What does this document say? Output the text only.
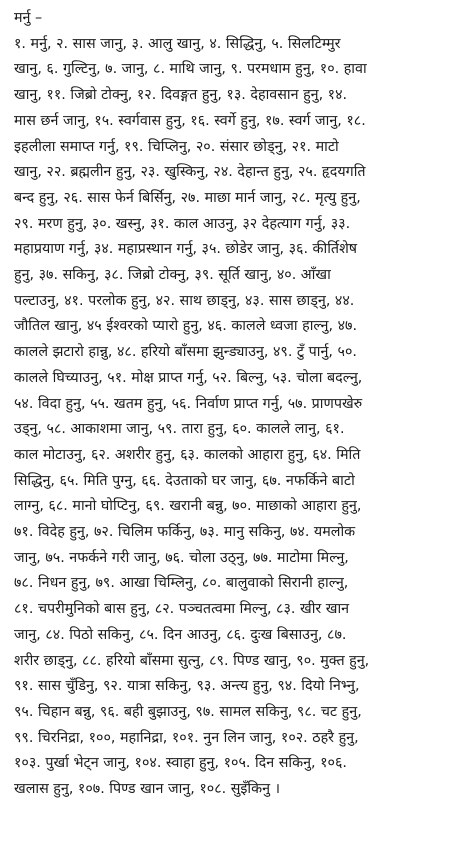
मर्नु –
१. मर्नु, २. सास जानु, ३. आलु खानु, ४. सिद्धिनु, ५. सिलटिम्मुर
खानु, ६. गुल्टिनु, ७. जानु, ८. माथि जानु, ९. परमधाम हुनु, १०. हावा
खानु, ११. जिब्रो टोक्नु, १२. दिवङ्गत हुनु, १३. देहावसान हुनु, १४.
मास छर्न जानु, १५. स्वर्गवास हुनु, १६. स्वर्गे हुनु, १७. स्वर्ग जानु, १८.
इहलीला समाप्त गर्नु, १९. चिप्लिनु, २०. संसार छोड्नु, २१. माटो
खानु, २२. ब्रह्मलीन हुनु, २३. खुस्किनु, २४. देहान्त हुनु, २५. हृदयगति
बन्द हुनु, २६. सास फेर्न बिर्सिनु, २७. माछा मार्न जानु, २८. मृत्यु हुनु,
२९. मरण हुनु, ३०. खस्नु, ३१. काल आउनु, ३२ देहत्याग गर्नु, ३३.
महाप्रयाण गर्नु, ३४. महाप्रस्थान गर्नु, ३५. छोडेर जानु, ३६. कीर्तिशेष
हुनु, ३७. सकिनु, ३८. जिब्रो टोक्नु, ३९. सूर्ति खानु, ४०. आँखा
पल्टाउनु, ४१. परलोक हुनु, ४२. साथ छाड्नु, ४३. सास छाड्नु, ४४.
जौतिल खानु, ४५ ईश्वरको प्यारो हुनु, ४६. कालले ध्वजा हाल्नु, ४७.
कालले झटारो हान्नु, ४८. हरियो बाँसमा झुन्ड्याउनु, ४९. टुँ पार्नु, ५०.
कालले घिच्याउनु, ५१. मोक्ष प्राप्त गर्नु, ५२. बिल्नु, ५३. चोला बदल्नु,
५४. विदा हुनु, ५५. खतम हुनु, ५६. निर्वाण प्राप्त गर्नु, ५७. प्राणपखेरु
उड्नु, ५८. आकाशमा जानु, ५९. तारा हुनु, ६०. कालले लानु, ६१.
काल मोटाउनु, ६२. अशरीर हुनु, ६३. कालको आहारा हुनु, ६४. मिति
सिद्धिनु, ६५. मिति पुग्नु, ६६. देउताको घर जानु, ६७. नफर्किने बाटो
लाग्नु, ६८. मानो घोप्टिनु, ६९. खरानी बन्नु, ७०. माछाको आहारा हुनु,
७१. विदेह हुनु, ७२. चिलिम फर्किनु, ७३. मानु सकिनु, ७४. यमलोक
जानु, ७५. नफर्कने गरी जानु, ७६. चोला उठ्नु, ७७. माटोमा मिल्नु,
७८. निधन हुनु, ७९. आखा चिम्लिनु, ८०. बालुवाको सिरानी हाल्नु,
८१. चपरीमुनिको बास हुनु, ८२. पञ्चतत्वमा मिल्नु, ८३. खीर खान
जानु, ८४. पिठो सकिनु, ८५. दिन आउनु, ८६. दुःख बिसाउनु, ८७.
शरीर छाड्नु, ८८. हरियो बाँसमा सुत्नु, ८९. पिण्ड खानु, ९०. मुक्त हुनु,
९१. सास चुँडिनु, ९२. यात्रा सकिनु, ९३. अन्त्य हुनु, ९४. दियो निभ्नु,
९५. चिहान बन्नु, ९६. बही बुझाउनु, ९७. सामल सकिनु, ९८. चट हुनु,
९९. चिरनिद्रा, १००, महानिद्रा, १०१. नुन लिन जानु, १०२. ठहरै हुनु,
१०३. पुर्खा भेट्न जानु, १०४. स्वाहा हुनु, १०५. दिन सकिनु, १०६.
खलास हुनु, १०७. पिण्ड खान जानु, १०८. सुइँकिनु ।
